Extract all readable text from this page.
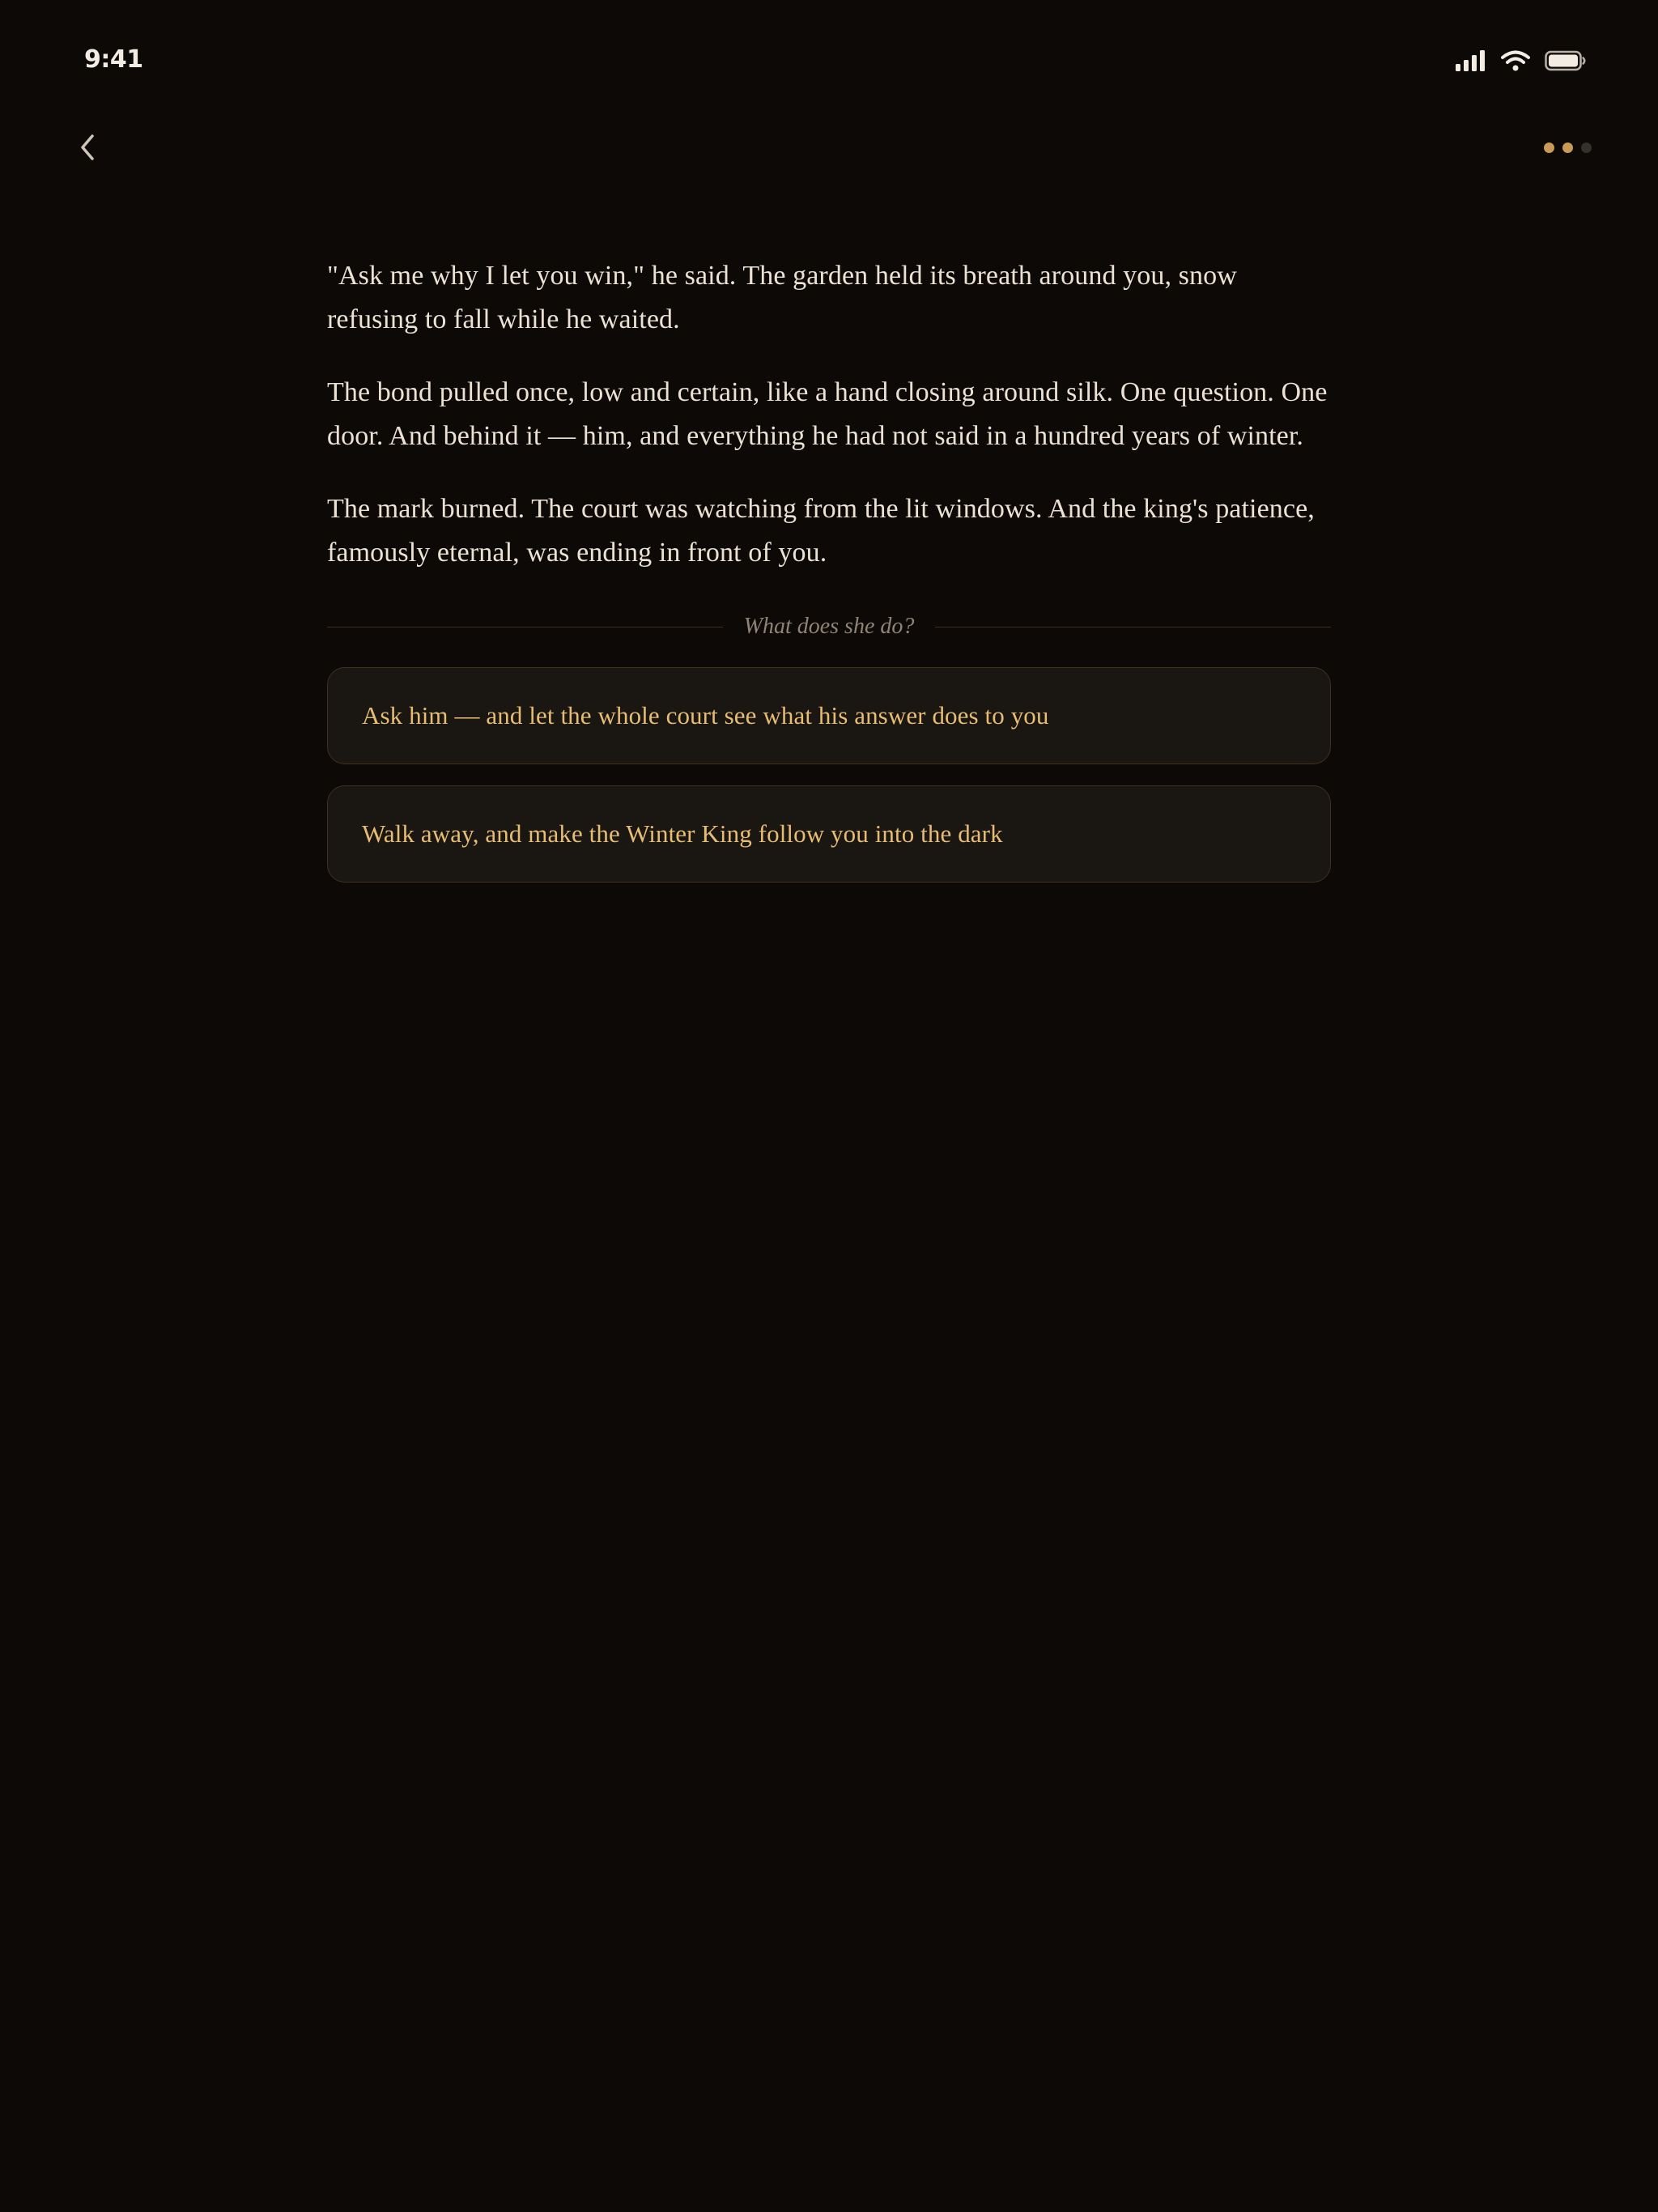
9:41

"Ask me why I let you win," he said. The garden held its breath around you, snow refusing to fall while he waited.

The bond pulled once, low and certain, like a hand closing around silk. One question. One door. And behind it — him, and everything he had not said in a hundred years of winter.

The mark burned. The court was watching from the lit windows. And the king's patience, famously eternal, was ending in front of you.

What does she do?
Ask him — and let the whole court see what his answer does to you
Walk away, and make the Winter King follow you into the dark
